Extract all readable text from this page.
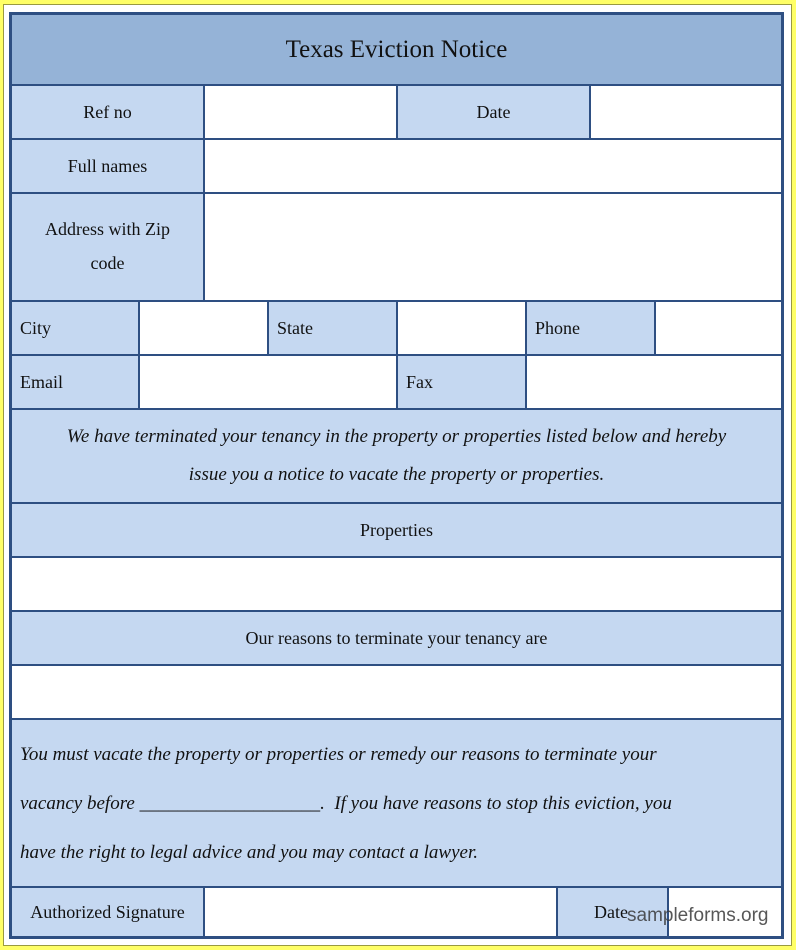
Texas Eviction Notice
Ref no	Date
Full names
Address with Zip
code
City	State	Phone
Email	Fax
We have terminated your tenancy in the property or properties listed below and hereby
issue you a notice to vacate the property or properties.
Properties
Our reasons to terminate your tenancy are
You must vacate the property or properties or remedy our reasons to terminate your
vacancy before ___________________.  If you have reasons to stop this eviction, you
have the right to legal advice and you may contact a lawyer.
Authorized Signature	Date sampleforms.org
